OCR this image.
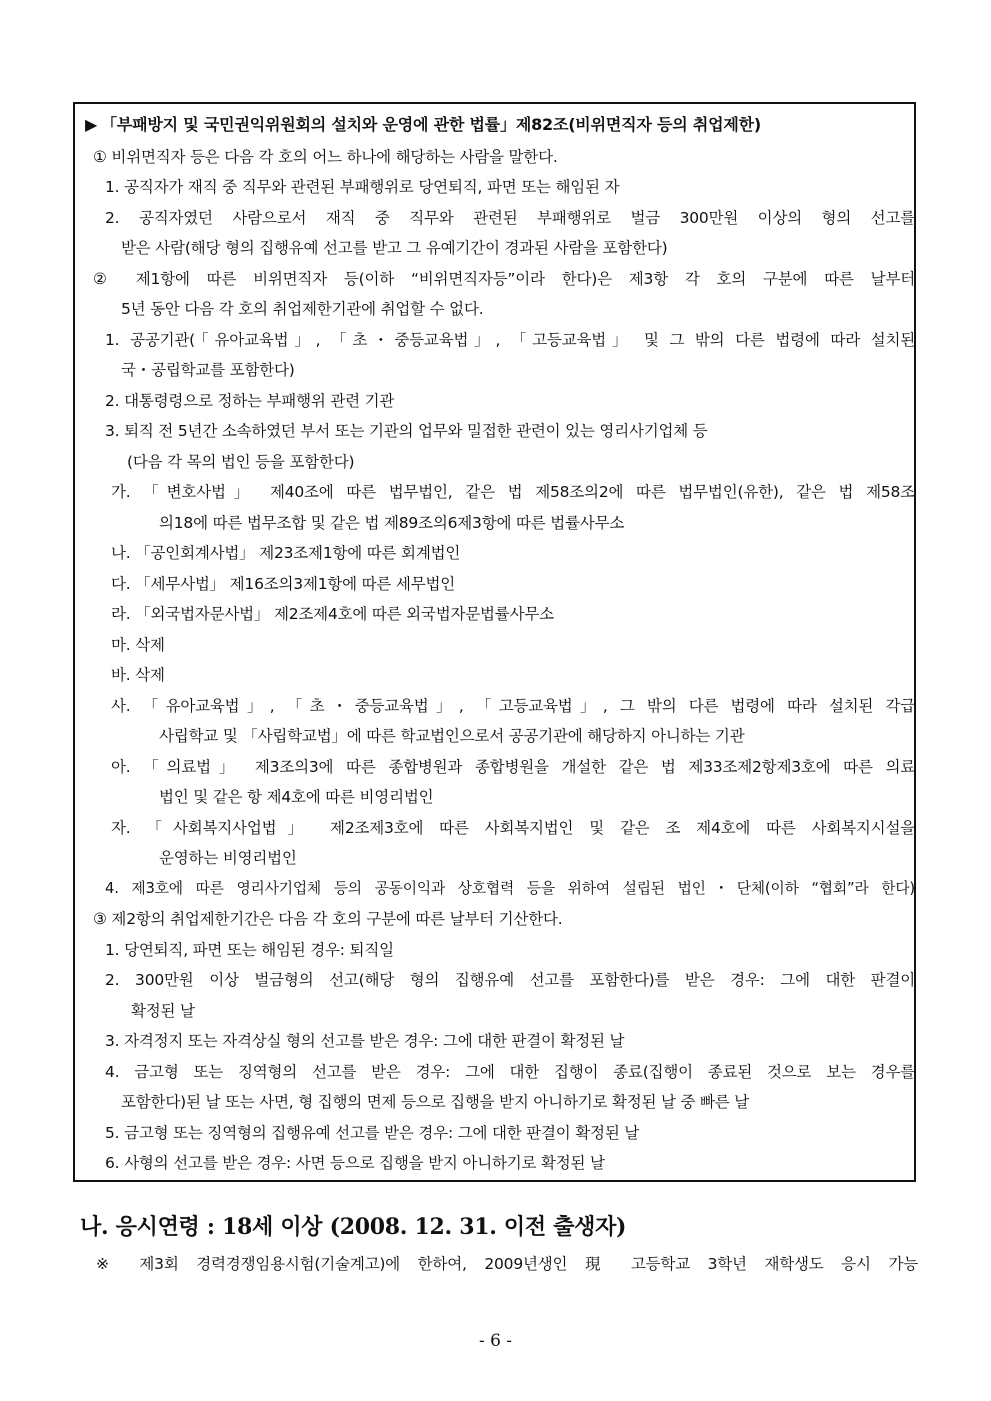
▶ 「부패방지 및 국민권익위원회의 설치와 운영에 관한 법률」제82조(비위면직자 등의 취업제한)
① 비위면직자 등은 다음 각 호의 어느 하나에 해당하는 사람을 말한다.
1. 공직자가 재직 중 직무와 관련된 부패행위로 당연퇴직, 파면 또는 해임된 자
2. 공직자였던 사람으로서 재직 중 직무와 관련된 부패행위로 벌금 300만원 이상의 형의 선고를
받은 사람(해당 형의 집행유예 선고를 받고 그 유예기간이 경과된 사람을 포함한다)
② 제1항에 따른 비위면직자 등(이하 “비위면직자등”이라 한다)은 제3항 각 호의 구분에 따른 날부터
5년 동안 다음 각 호의 취업제한기관에 취업할 수 없다.
1. 공공기관(「유아교육법」, 「초・중등교육법」, 「고등교육법」 및 그 밖의 다른 법령에 따라 설치된
국・공립학교를 포함한다)
2. 대통령령으로 정하는 부패행위 관련 기관
3. 퇴직 전 5년간 소속하였던 부서 또는 기관의 업무와 밀접한 관련이 있는 영리사기업체 등
(다음 각 목의 법인 등을 포함한다)
가. 「변호사법」 제40조에 따른 법무법인, 같은 법 제58조의2에 따른 법무법인(유한), 같은 법 제58조
의18에 따른 법무조합 및 같은 법 제89조의6제3항에 따른 법률사무소
나. 「공인회계사법」 제23조제1항에 따른 회계법인
다. 「세무사법」 제16조의3제1항에 따른 세무법인
라. 「외국법자문사법」 제2조제4호에 따른 외국법자문법률사무소
마. 삭제
바. 삭제
사. 「유아교육법」, 「초・중등교육법」, 「고등교육법」, 그 밖의 다른 법령에 따라 설치된 각급
사립학교 및 「사립학교법」에 따른 학교법인으로서 공공기관에 해당하지 아니하는 기관
아. 「의료법」 제3조의3에 따른 종합병원과 종합병원을 개설한 같은 법 제33조제2항제3호에 따른 의료
법인 및 같은 항 제4호에 따른 비영리법인
자. 「사회복지사업법」 제2조제3호에 따른 사회복지법인 및 같은 조 제4호에 따른 사회복지시설을
운영하는 비영리법인
4. 제3호에 따른 영리사기업체 등의 공동이익과 상호협력 등을 위하여 설립된 법인・단체(이하 “협회”라 한다)
③ 제2항의 취업제한기간은 다음 각 호의 구분에 따른 날부터 기산한다.
1. 당연퇴직, 파면 또는 해임된 경우: 퇴직일
2. 300만원 이상 벌금형의 선고(해당 형의 집행유예 선고를 포함한다)를 받은 경우: 그에 대한 판결이
확정된 날
3. 자격정지 또는 자격상실 형의 선고를 받은 경우: 그에 대한 판결이 확정된 날
4. 금고형 또는 징역형의 선고를 받은 경우: 그에 대한 집행이 종료(집행이 종료된 것으로 보는 경우를
포함한다)된 날 또는 사면, 형 집행의 면제 등으로 집행을 받지 아니하기로 확정된 날 중 빠른 날
5. 금고형 또는 징역형의 집행유예 선고를 받은 경우: 그에 대한 판결이 확정된 날
6. 사형의 선고를 받은 경우: 사면 등으로 집행을 받지 아니하기로 확정된 날
나. 응시연령 : 18세 이상 (2008. 12. 31. 이전 출생자)
※ 제3회 경력경쟁임용시험(기술계고)에 한하여, 2009년생인 現 고등학교 3학년 재학생도 응시 가능
- 6 -
